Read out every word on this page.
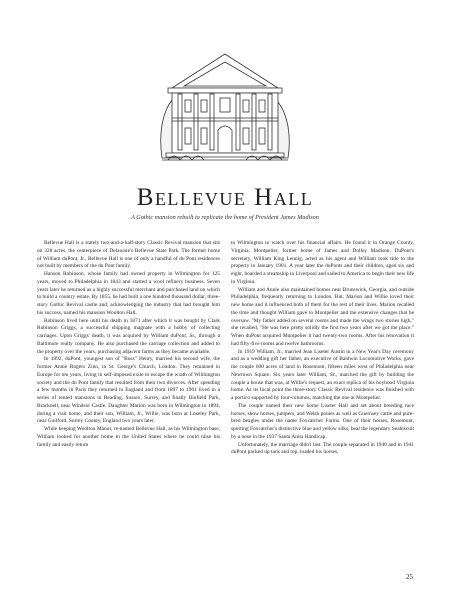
Bellevue Hall
A Gothic mansion rebuilt to replicate the home of President James Madison

Bellevue Hall is a stately two-and-a-half-story Classic Revival mansion that sits on 328 acres, the centerpiece of Delaware's Bellevue State Park. The former home of William duPont, Jr., Bellevue Hall is one of only a handful of du Pont residences not built by members of the du Pont family.

Hanson Robinson, whose family had owned property in Wilmington for 125 years, moved to Philadelphia in 1843 and started a wool refinery business. Seven years later he returned as a highly successful merchant and purchased land on which to build a country estate. By 1855, he had built a one hundred thousand dollar, three-story Gothic Revival castle and, acknowledging the industry that had brought him his success, named his mansion Woolton Hall.

Robinson lived here until his death in 1871 after which it was bought by Clark Robinson Griggs, a successful shipping magnate with a hobby of collecting carriages. Upon Griggs' death, it was acquired by William duPont, Sr., through a Baltimore realty company. He also purchased the carriage collection and added to the property over the years, purchasing adjacent farms as they became available.

In 1892, duPont, youngest son of "Boss" Henry, married his second wife, the former Annie Rogers Zinn, in St. George's Church, London. They remained in Europe for ten years, living in self-imposed exile to escape the wrath of Wilmington society and the du Pont family that resulted from their two divorces. After spending a few months in Paris they returned to England and from 1897 to 1901 lived in a series of rented mansions in Reading, Sussex, Surrey, and finally Binfield Park, Bracknell, near Windsor Castle. Daughter Marion was born in Wilmington in 1894, during a visit home, and their son, William, Jr., Willie, was born at Loseley Park, near Guilford, Surrey County, England two years later.

While keeping Woolton Manor, re-named Bellevue Hall, as his Wilmington base, William looked for another home in the United States where he could raise his family and easily return

to Wilmington to watch over his financial affairs. He found it in Orange County, Virginia: Montpelier, former home of James and Dolley Madison. DuPont's secretary, William King Lennig, acted as his agent and William took title to the property in January 1901. A year later the duPonts and their children, aged six and eight, boarded a steamship in Liverpool and sailed to America to begin their new life in Virginia.

William and Annie also maintained homes near Brunswick, Georgia, and outside Philadelphia, frequently returning to London. But, Marion and Willie loved their new home and it influenced both of them for the rest of their lives. Marion recalled the time and thought William gave to Montpelier and the extensive changes that he oversaw. "My father added on several rooms and made the wings two stories high," she recalled, "He was here pretty solidly the first two years after we got the place." When duPont acquired Montpelier it had twenty-two rooms. After his renovation it had fifty-five rooms and twelve bathrooms.

In 1919 William, Jr., married Jean Liseter Austin in a New Year's Day ceremony and as a wedding gift her father, an executive of Baldwin Locomotive Works, gave the couple 600 acres of land in Rosemont, fifteen miles west of Philadelphia near Newtown Square. Six years later William, Sr., matched the gift by building the couple a house that was, at Willie's request, an exact replica of his boyhood Virginia home. As its focal point the three-story Classic Revival residence was finished with a portico supported by four-columns, matching the one at Montpelier.

The couple named their new home Liseter Hall and set about breeding race horses, show horses, jumpers, and Welsh ponies as well as Guernsey cattle and pure-bred beagles under the name Foxcatcher Farms. One of their horses, Rosemont, sporting Foxcatcher's distinctive blue and yellow silks, beat the legendary Seabiscuit by a nose in the 1937 Santa Anita Handicap.

Unfortunately, the marriage didn't last. The couple separated in 1940 and in 1941 duPont packed up tack and top, loaded his horses,

25
